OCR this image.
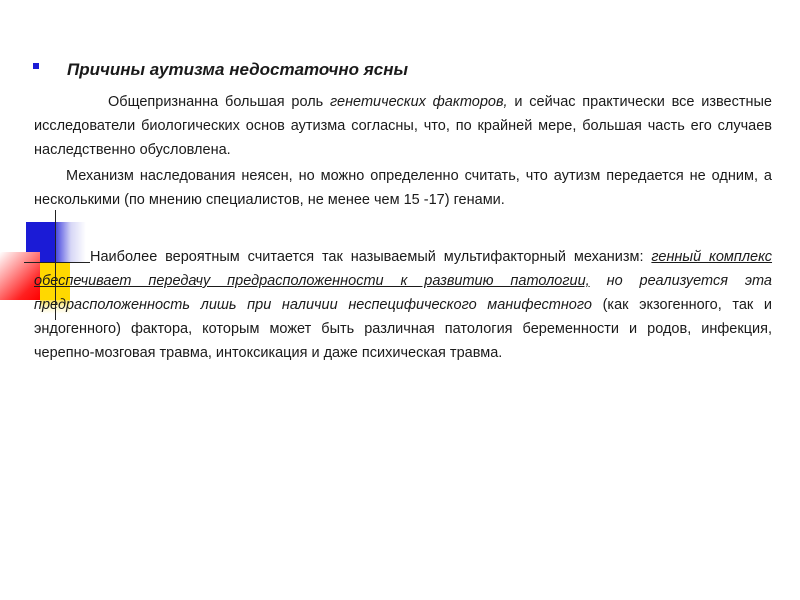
Причины аутизма недостаточно ясны

Общепризнанна большая роль генетических факторов, и сейчас практически все известные исследователи биологических основ аутизма согласны, что, по крайней мере, большая часть его случаев наследственно обусловлена.

Механизм наследования неясен, но можно определенно считать, что аутизм передается не одним, а несколькими (по мнению специалистов, не менее чем 15 -17) генами.

Наиболее вероятным считается так называемый мультифакторный механизм: генный комплекс обеспечивает передачу предрасположенности к развитию патологии, но реализуется эта предрасположенность лишь при наличии неспецифического манифестного (как экзогенного, так и эндогенного) фактора, которым может быть различная патология беременности и родов, инфекция, черепно-мозговая травма, интоксикация и даже психическая травма.
